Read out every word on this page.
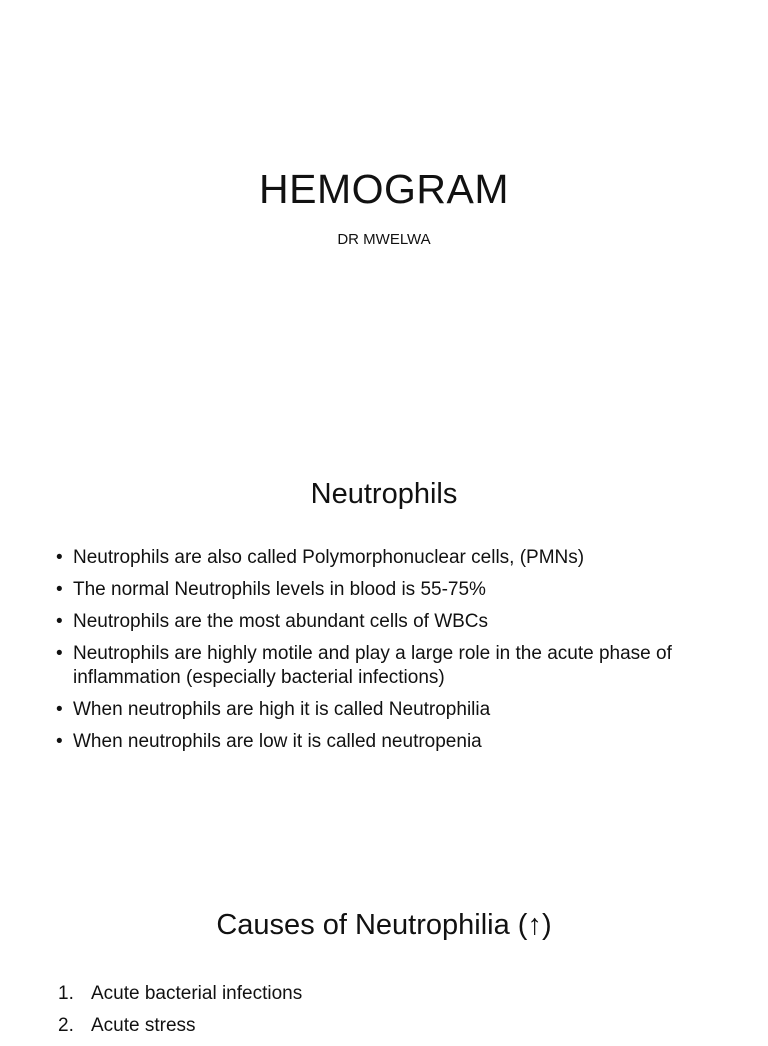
HEMOGRAM
DR MWELWA
Neutrophils
• Neutrophils are also called Polymorphonuclear cells, (PMNs)
• The normal Neutrophils levels in blood is 55-75%
• Neutrophils are the most abundant cells of WBCs
• Neutrophils are highly motile and play a large role in the acute phase of inflammation (especially bacterial infections)
• When neutrophils are high it is called Neutrophilia
• When neutrophils are low it is called neutropenia
Causes of Neutrophilia (↑)
1. Acute bacterial infections
2. Acute stress
